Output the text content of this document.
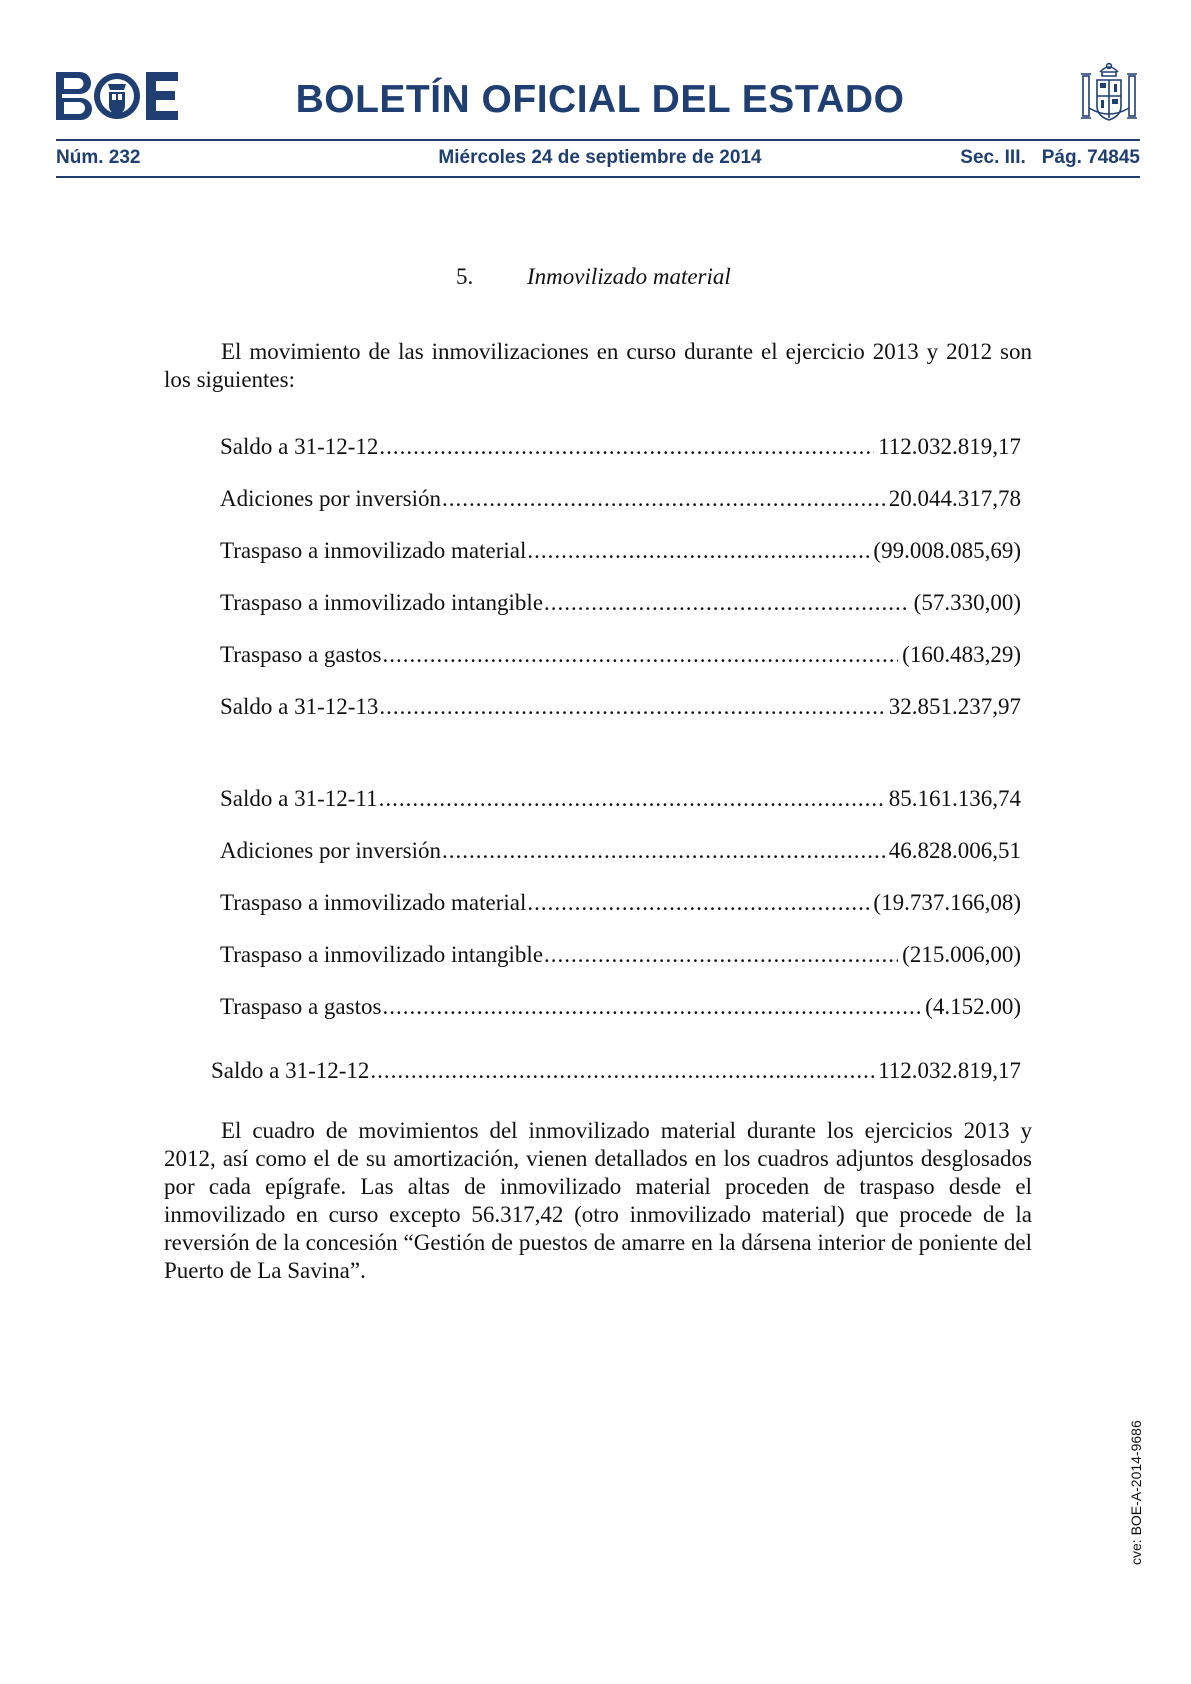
BOLETÍN OFICIAL DEL ESTADO
Núm. 232	Miércoles 24 de septiembre de 2014	Sec. III. Pág. 74845
5. Inmovilizado material

El movimiento de las inmovilizaciones en curso durante el ejercicio 2013 y 2012 son los siguientes:

Saldo a 31-12-12 .....	112.032.819,17
Adiciones por inversión .....	20.044.317,78
Traspaso a inmovilizado material .....	(99.008.085,69)
Traspaso a inmovilizado intangible .....	(57.330,00)
Traspaso a gastos .....	(160.483,29)
Saldo a 31-12-13 .....	32.851.237,97
Saldo a 31-12-11 .....	85.161.136,74
Adiciones por inversión .....	46.828.006,51
Traspaso a inmovilizado material .....	(19.737.166,08)
Traspaso a inmovilizado intangible .....	(215.006,00)
Traspaso a gastos .....	(4.152.00)
Saldo a 31-12-12 .....	112.032.819,17

El cuadro de movimientos del inmovilizado material durante los ejercicios 2013 y 2012, así como el de su amortización, vienen detallados en los cuadros adjuntos desglosados por cada epígrafe. Las altas de inmovilizado material proceden de traspaso desde el inmovilizado en curso excepto 56.317,42 (otro inmovilizado material) que procede de la reversión de la concesión “Gestión de puestos de amarre en la dársena interior de poniente del Puerto de La Savina”.

cve: BOE-A-2014-9686
